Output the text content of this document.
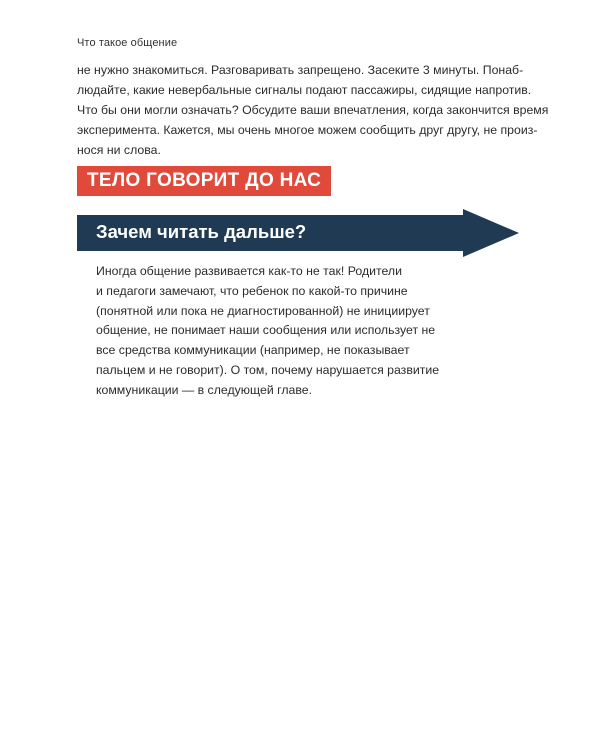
Что такое общение
не нужно знакомиться. Разговаривать запрещено. Засеките 3 минуты. Понаб-
людайте, какие невербальные сигналы подают пассажиры, сидящие напротив.
Что бы они могли означать? Обсудите ваши впечатления, когда закончится время
эксперимента. Кажется, мы очень многое можем сообщить друг другу, не произ-
нося ни слова.
ТЕЛО ГОВОРИТ ДО НАС
Зачем читать дальше?
Иногда общение развивается как-то не так! Родители
и педагоги замечают, что ребенок по какой-то причине
(понятной или пока не диагностированной) не инициирует
общение, не понимает наши сообщения или использует не
все средства коммуникации (например, не показывает
пальцем и не говорит). О том, почему нарушается развитие
коммуникации — в следующей главе.
